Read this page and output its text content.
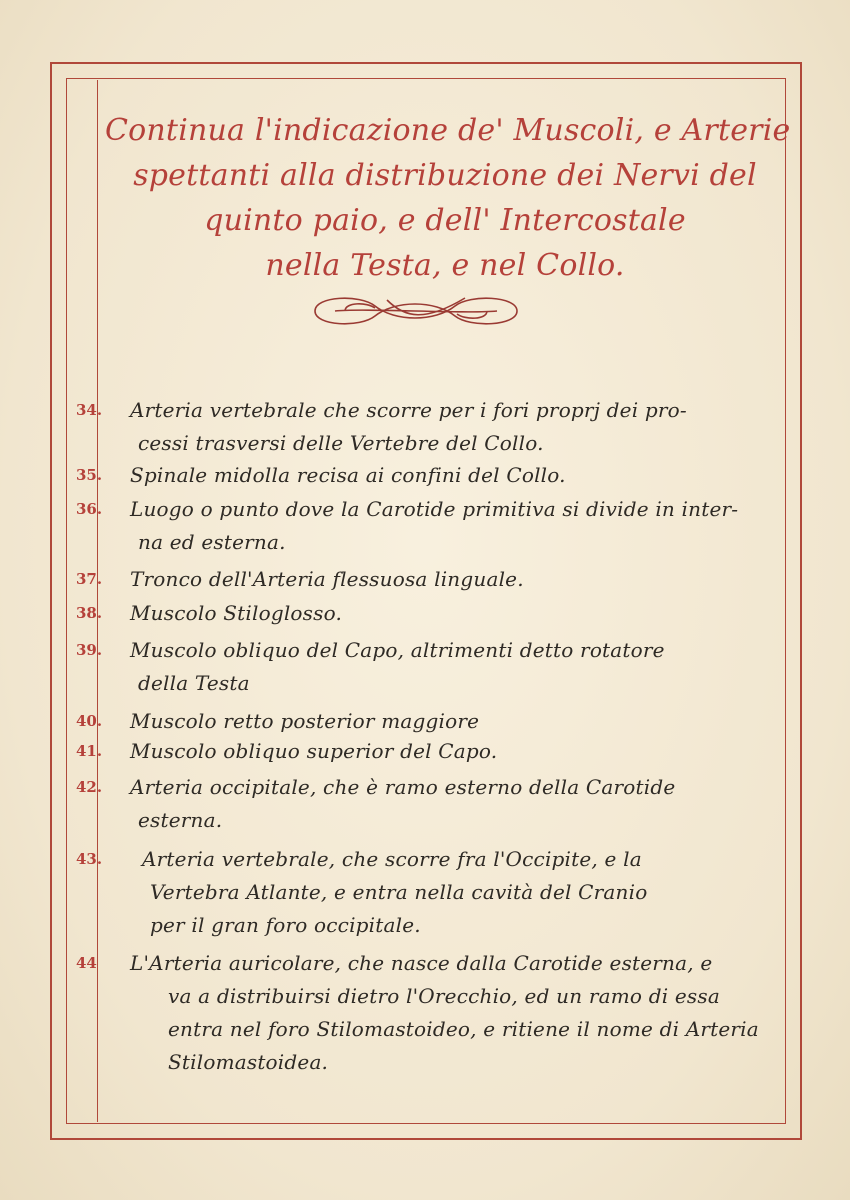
Continua l'indicazione de' Muscoli, e Arterie
spettanti alla distribuzione dei Nervi del
quinto paio, e dell' Intercostale
nella Testa, e nel Collo.
34.	Arteria vertebrale che scorre per i fori proprj dei pro-
cessi trasversi delle Vertebre del Collo.
35.	Spinale midolla recisa ai confini del Collo.
36.	Luogo o punto dove la Carotide primitiva si divide in inter-
na ed esterna.
37.	Tronco dell'Arteria flessuosa linguale.
38.	Muscolo Stiloglosso.
39.	Muscolo obliquo del Capo, altrimenti detto rotatore
della Testa
40.	Muscolo retto posterior maggiore
41.	Muscolo obliquo superior del Capo.
42.	Arteria occipitale, che è ramo esterno della Carotide
esterna.
43.	Arteria vertebrale, che scorre fra l'Occipite, e la
Vertebra Atlante, e entra nella cavità del Cranio
per il gran foro occipitale.
44	L'Arteria auricolare, che nasce dalla Carotide esterna, e
va a distribuirsi dietro l'Orecchio, ed un ramo di essa
entra nel foro Stilomastoideo, e ritiene il nome di Arteria
Stilomastoidea.
